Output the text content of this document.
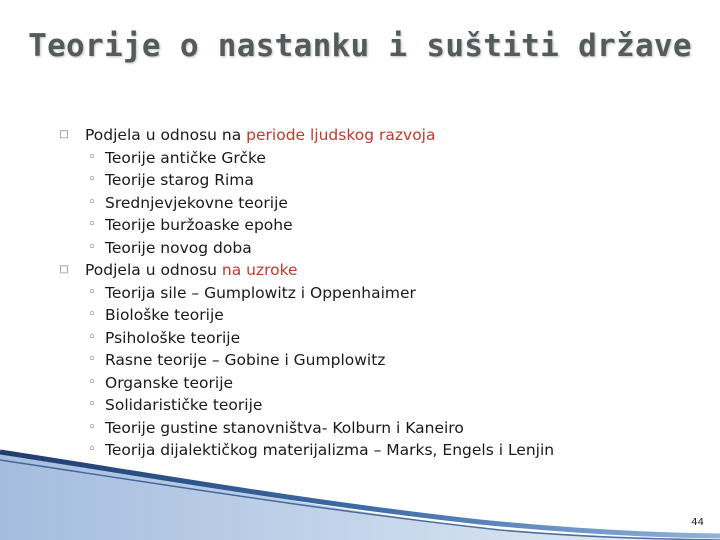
Teorije o nastanku i suštiti države
□ Podjela u odnosu na periode ljudskog razvoja
◦ Teorije antičke Grčke
◦ Teorije starog Rima
◦ Srednjevjekovne teorije
◦ Teorije buržoaske epohe
◦ Teorije novog doba
□ Podjela u odnosu na uzroke
◦ Teorija sile – Gumplowitz i Oppenhaimer
◦ Biološke teorije
◦ Psihološke teorije
◦ Rasne teorije – Gobine i Gumplowitz
◦ Organske teorije
◦ Solidarističke teorije
◦ Teorije gustine stanovništva- Kolburn i Kaneiro
◦ Teorija dijalektičkog materijalizma – Marks, Engels i Lenjin
44
